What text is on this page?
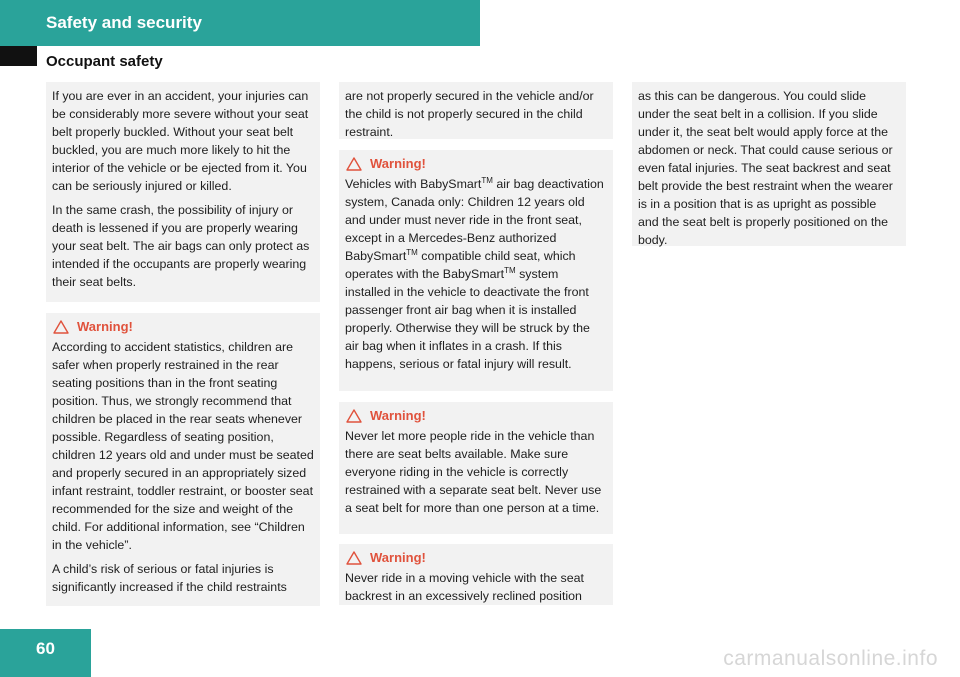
Safety and security
Occupant safety

If you are ever in an accident, your injuries can be considerably more severe without your seat belt properly buckled. Without your seat belt buckled, you are much more likely to hit the interior of the vehicle or be ejected from it. You can be seriously injured or killed.

In the same crash, the possibility of injury or death is lessened if you are properly wearing your seat belt. The air bags can only protect as intended if the occupants are properly wearing their seat belts.

Warning!

According to accident statistics, children are safer when properly restrained in the rear seating positions than in the front seating position. Thus, we strongly recommend that children be placed in the rear seats whenever possible. Regardless of seating position, children 12 years old and under must be seated and properly secured in an appropriately sized infant restraint, toddler restraint, or booster seat recommended for the size and weight of the child. For additional information, see “Children in the vehicle”.

A child’s risk of serious or fatal injuries is significantly increased if the child restraints

are not properly secured in the vehicle and/or the child is not properly secured in the child restraint.

Warning!

Vehicles with BabySmart™ air bag deactivation system, Canada only: Children 12 years old and under must never ride in the front seat, except in a Mercedes-Benz authorized BabySmart™ compatible child seat, which operates with the BabySmart™ system installed in the vehicle to deactivate the front passenger front air bag when it is installed properly. Otherwise they will be struck by the air bag when it inflates in a crash. If this happens, serious or fatal injury will result.

Warning!

Never let more people ride in the vehicle than there are seat belts available. Make sure everyone riding in the vehicle is correctly restrained with a separate seat belt. Never use a seat belt for more than one person at a time.

Warning!

Never ride in a moving vehicle with the seat backrest in an excessively reclined position

as this can be dangerous. You could slide under the seat belt in a collision. If you slide under it, the seat belt would apply force at the abdomen or neck. That could cause serious or even fatal injuries. The seat backrest and seat belt provide the best restraint when the wearer is in a position that is as upright as possible and the seat belt is properly positioned on the body.

60	carmanualsonline.info
